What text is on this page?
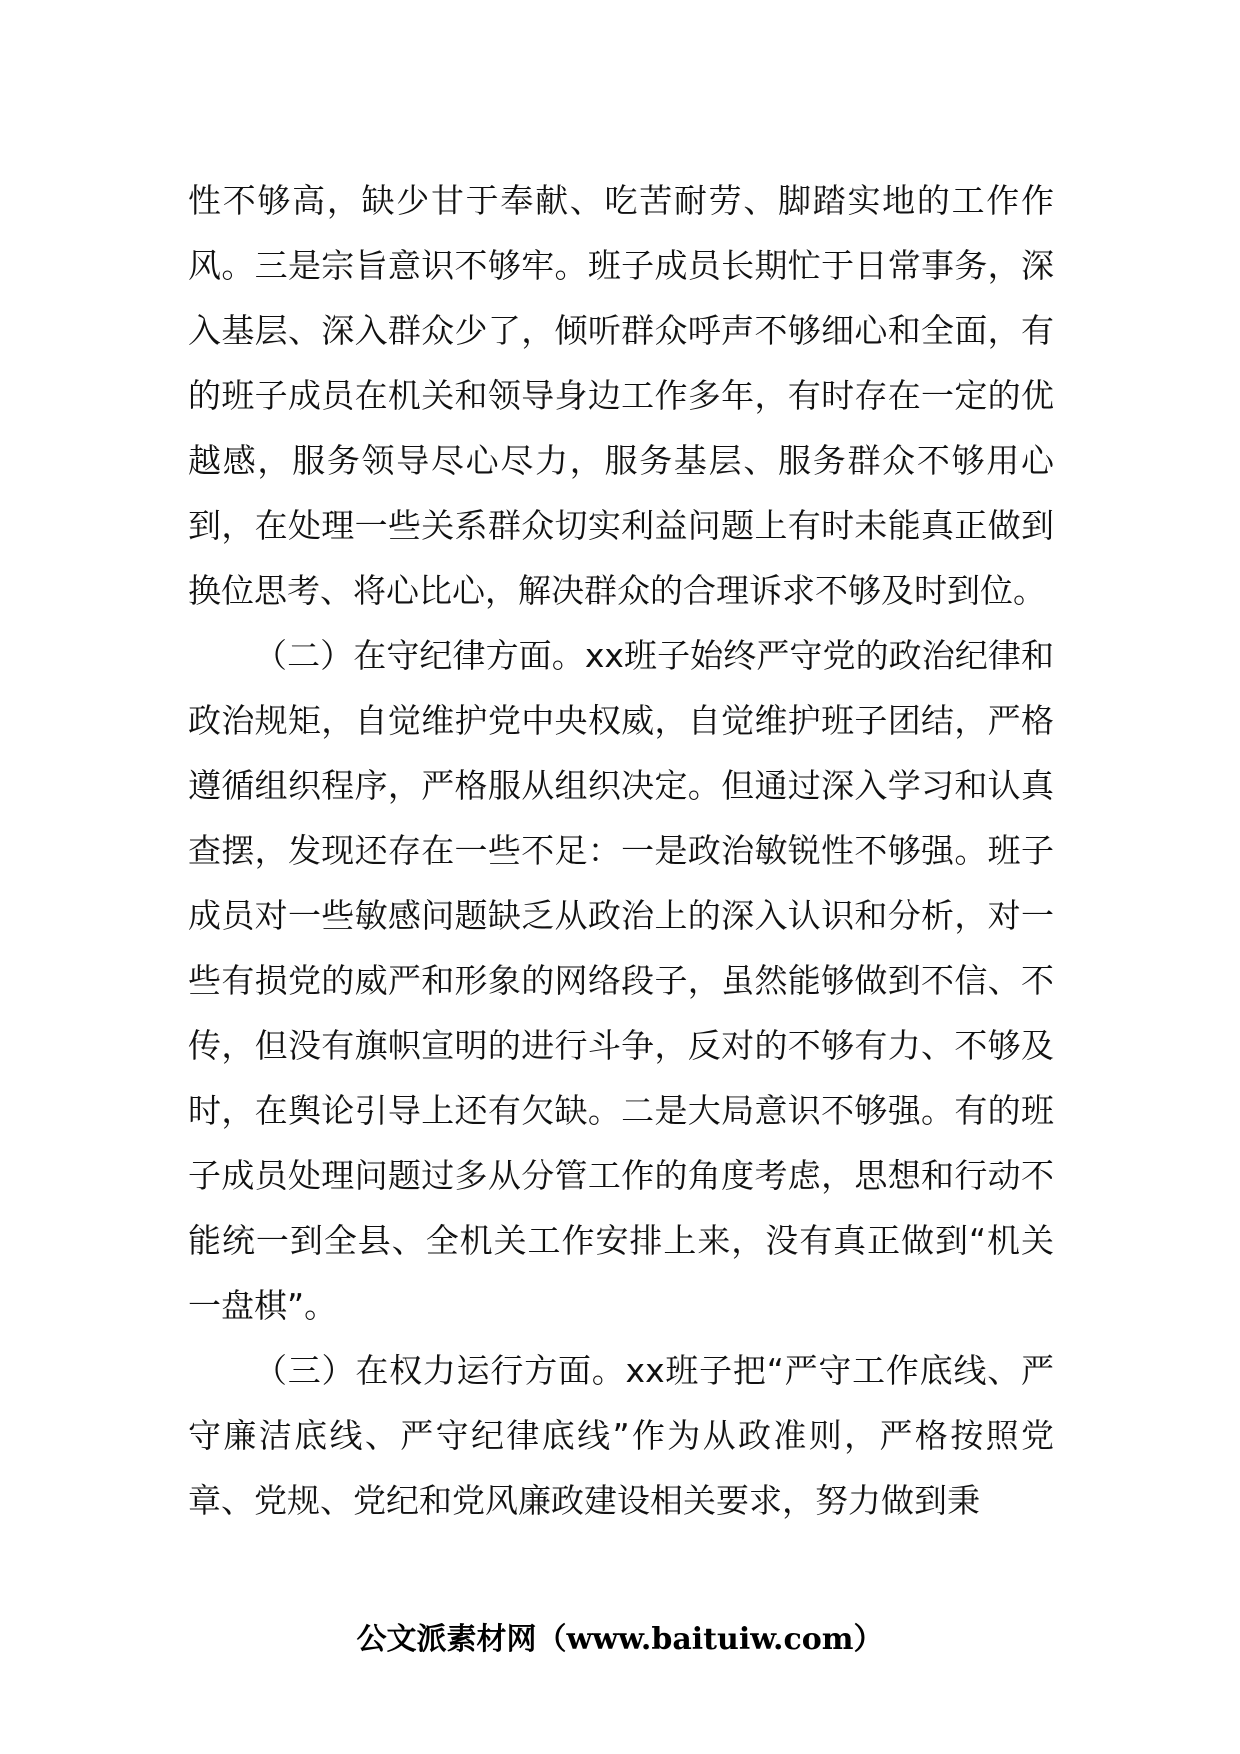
性不够高，缺少甘于奉献、吃苦耐劳、脚踏实地的工作作风。三是宗旨意识不够牢。班子成员长期忙于日常事务，深入基层、深入群众少了，倾听群众呼声不够细心和全面，有的班子成员在机关和领导身边工作多年，有时存在一定的优越感，服务领导尽心尽力，服务基层、服务群众不够用心到，在处理一些关系群众切实利益问题上有时未能真正做到换位思考、将心比心，解决群众的合理诉求不够及时到位。

（二）在守纪律方面。xx班子始终严守党的政治纪律和政治规矩，自觉维护党中央权威，自觉维护班子团结，严格遵循组织程序，严格服从组织决定。但通过深入学习和认真查摆，发现还存在一些不足：一是政治敏锐性不够强。班子成员对一些敏感问题缺乏从政治上的深入认识和分析，对一些有损党的威严和形象的网络段子，虽然能够做到不信、不传，但没有旗帜宣明的进行斗争，反对的不够有力、不够及时，在舆论引导上还有欠缺。二是大局意识不够强。有的班子成员处理问题过多从分管工作的角度考虑，思想和行动不能统一到全县、全机关工作安排上来，没有真正做到“机关一盘棋”。

（三）在权力运行方面。xx班子把“严守工作底线、严守廉洁底线、严守纪律底线”作为从政准则，严格按照党章、党规、党纪和党风廉政建设相关要求，努力做到秉

公文派素材网（www.baituiw.com）
